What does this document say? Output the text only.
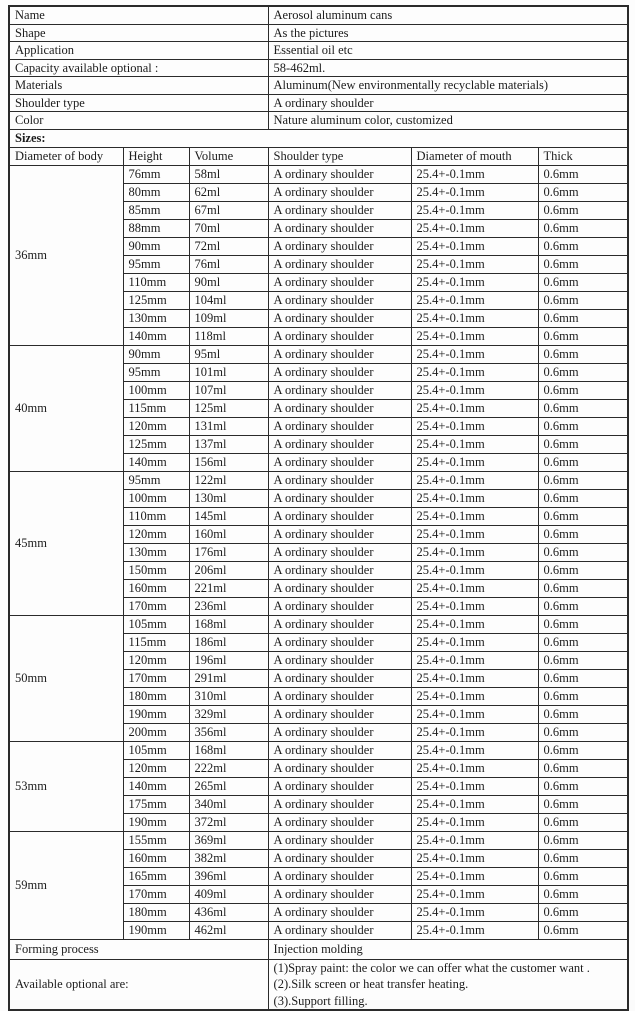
Name			Aerosol aluminum cans		
Shape			As the pictures		
Application			Essential oil etc		
Capacity available optional :			58-462ml.		
Materials			Aluminum(New environmentally recyclable materials)		
Shoulder type			A ordinary shoulder		
Color			Nature aluminum color, customized		
Sizes:					
Diameter of body	Height	Volume	Shoulder type	Diameter of mouth	Thick
36mm	76mm	58ml	A ordinary shoulder	25.4+-0.1mm	0.6mm
	80mm	62ml	A ordinary shoulder	25.4+-0.1mm	0.6mm
	85mm	67ml	A ordinary shoulder	25.4+-0.1mm	0.6mm
	88mm	70ml	A ordinary shoulder	25.4+-0.1mm	0.6mm
	90mm	72ml	A ordinary shoulder	25.4+-0.1mm	0.6mm
	95mm	76ml	A ordinary shoulder	25.4+-0.1mm	0.6mm
	110mm	90ml	A ordinary shoulder	25.4+-0.1mm	0.6mm
	125mm	104ml	A ordinary shoulder	25.4+-0.1mm	0.6mm
	130mm	109ml	A ordinary shoulder	25.4+-0.1mm	0.6mm
	140mm	118ml	A ordinary shoulder	25.4+-0.1mm	0.6mm
40mm	90mm	95ml	A ordinary shoulder	25.4+-0.1mm	0.6mm
	95mm	101ml	A ordinary shoulder	25.4+-0.1mm	0.6mm
	100mm	107ml	A ordinary shoulder	25.4+-0.1mm	0.6mm
	115mm	125ml	A ordinary shoulder	25.4+-0.1mm	0.6mm
	120mm	131ml	A ordinary shoulder	25.4+-0.1mm	0.6mm
	125mm	137ml	A ordinary shoulder	25.4+-0.1mm	0.6mm
	140mm	156ml	A ordinary shoulder	25.4+-0.1mm	0.6mm
45mm	95mm	122ml	A ordinary shoulder	25.4+-0.1mm	0.6mm
	100mm	130ml	A ordinary shoulder	25.4+-0.1mm	0.6mm
	110mm	145ml	A ordinary shoulder	25.4+-0.1mm	0.6mm
	120mm	160ml	A ordinary shoulder	25.4+-0.1mm	0.6mm
	130mm	176ml	A ordinary shoulder	25.4+-0.1mm	0.6mm
	150mm	206ml	A ordinary shoulder	25.4+-0.1mm	0.6mm
	160mm	221ml	A ordinary shoulder	25.4+-0.1mm	0.6mm
	170mm	236ml	A ordinary shoulder	25.4+-0.1mm	0.6mm
50mm	105mm	168ml	A ordinary shoulder	25.4+-0.1mm	0.6mm
	115mm	186ml	A ordinary shoulder	25.4+-0.1mm	0.6mm
	120mm	196ml	A ordinary shoulder	25.4+-0.1mm	0.6mm
	170mm	291ml	A ordinary shoulder	25.4+-0.1mm	0.6mm
	180mm	310ml	A ordinary shoulder	25.4+-0.1mm	0.6mm
	190mm	329ml	A ordinary shoulder	25.4+-0.1mm	0.6mm
	200mm	356ml	A ordinary shoulder	25.4+-0.1mm	0.6mm
53mm	105mm	168ml	A ordinary shoulder	25.4+-0.1mm	0.6mm
	120mm	222ml	A ordinary shoulder	25.4+-0.1mm	0.6mm
	140mm	265ml	A ordinary shoulder	25.4+-0.1mm	0.6mm
	175mm	340ml	A ordinary shoulder	25.4+-0.1mm	0.6mm
	190mm	372ml	A ordinary shoulder	25.4+-0.1mm	0.6mm
59mm	155mm	369ml	A ordinary shoulder	25.4+-0.1mm	0.6mm
	160mm	382ml	A ordinary shoulder	25.4+-0.1mm	0.6mm
	165mm	396ml	A ordinary shoulder	25.4+-0.1mm	0.6mm
	170mm	409ml	A ordinary shoulder	25.4+-0.1mm	0.6mm
	180mm	436ml	A ordinary shoulder	25.4+-0.1mm	0.6mm
	190mm	462ml	A ordinary shoulder	25.4+-0.1mm	0.6mm
Forming process			Injection molding		
Available optional are:			(1)Spray paint: the color we can offer what the customer want .
(2).Silk screen or heat transfer heating.
(3).Support filling.		
